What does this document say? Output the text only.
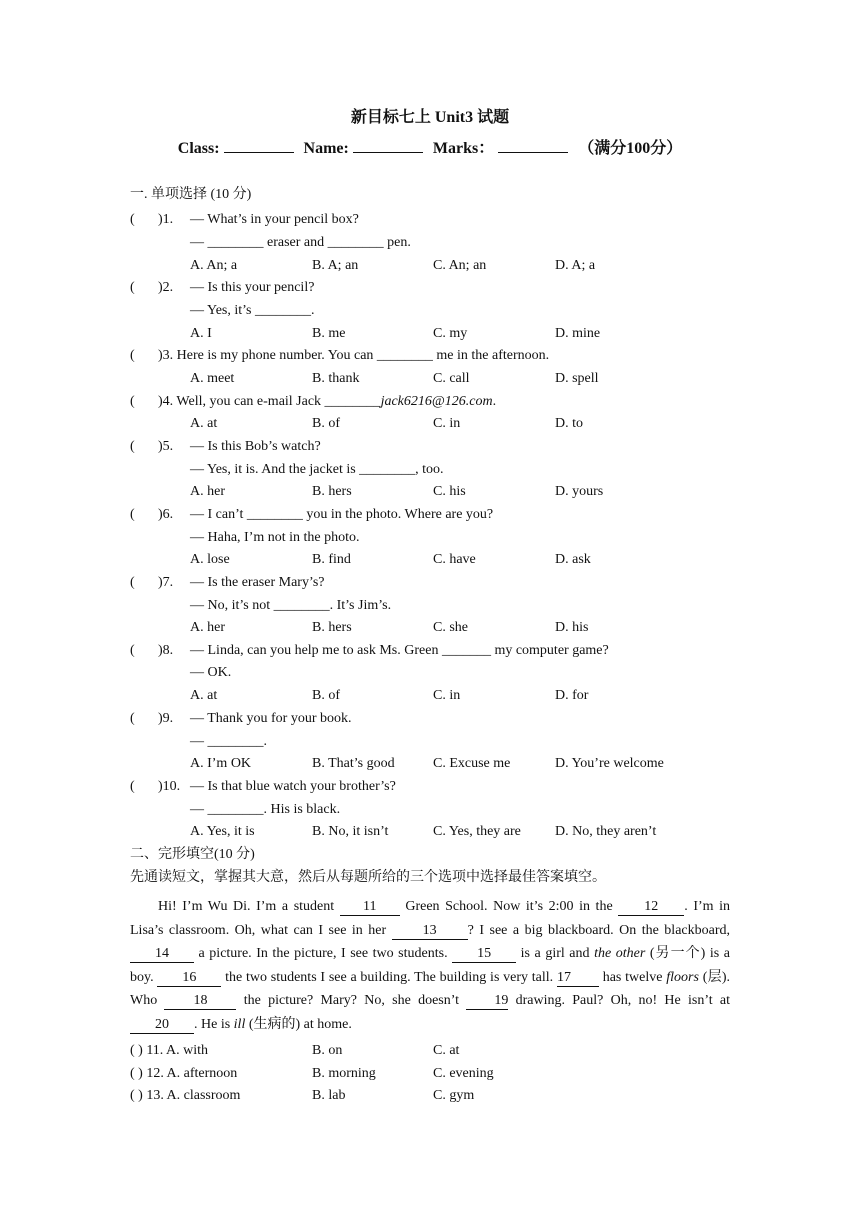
新目标七上 Unit3 试题
Class:	Name:	Marks：	（满分100分）
一. 单项选择 (10 分)
( )1. — What’s in your pencil box?
— ________ eraser and ________ pen.
A. An; a	B. A; an	C. An; an	D. A; a
( )2. — Is this your pencil?
— Yes, it’s ________.
A. I	B. me	C. my	D. mine
( )3. Here is my phone number. You can ________ me in the afternoon.
A. meet	B. thank	C. call	D. spell
( )4. Well, you can e-mail Jack ________jack6216@126.com.
A. at	B. of	C. in	D. to
( )5. — Is this Bob’s watch?
— Yes, it is. And the jacket is ________, too.
A. her	B. hers	C. his	D. yours
( )6. — I can’t ________ you in the photo. Where are you?
— Haha, I’m not in the photo.
A. lose	B. find	C. have	D. ask
( )7. — Is the eraser Mary’s?
— No, it’s not ________. It’s Jim’s.
A. her	B. hers	C. she	D. his
( )8. — Linda, can you help me to ask Ms. Green _______ my computer game?
— OK.
A. at	B. of	C. in	D. for
( )9. — Thank you for your book.
— ________.
A. I’m OK	B. That’s good	C. Excuse me	D. You’re welcome
( )10. — Is that blue watch your brother’s?
— ________. His is black.
A. Yes, it is	B. No, it isn’t	C. Yes, they are D. No, they aren’t
二、完形填空(10 分)
先通读短文，掌握其大意，然后从每题所给的三个选项中选择最佳答案填空。
Hi! I’m Wu Di. I’m a student 11 Green School. Now it’s 2:00 in the 12 . I’m in Lisa’s classroom. Oh, what can I see in her	13 ? I see a big blackboard. On the blackboard, 14 a picture. In the picture, I see two students. 15 is a girl and the other (另一个) is a boy. 16 the two students I see a building. The building is very tall. 17 has twelve floors (层). Who	18	the picture? Mary? No, she doesn’t	19 drawing. Paul? Oh, no! He isn’t at 20 . He is ill (生病的) at home.
( ) 11. A. with	B. on	C. at
( ) 12. A. afternoon	B. morning	C. evening
( ) 13. A. classroom	B. lab	C. gym
